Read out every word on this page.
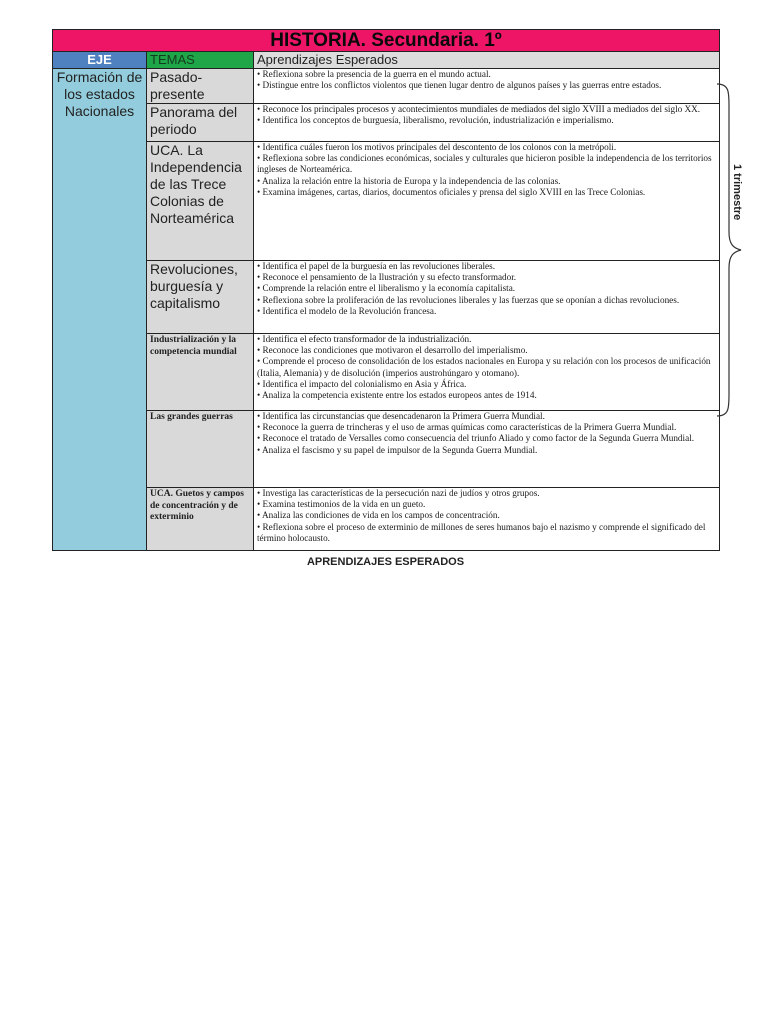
HISTORIA. Secundaria. 1º		
EJE	TEMAS	Aprendizajes Esperados
Formación de los estados Nacionales	Pasado-presente	• Reflexiona sobre la presencia de la guerra en el mundo actual.
• Distingue entre los conflictos violentos que tienen lugar dentro de algunos países y las guerras entre estados.

	Panorama del periodo	• Reconoce los principales procesos y acontecimientos mundiales de mediados del siglo XVIII a mediados del siglo XX.
• Identifica los conceptos de burguesía, liberalismo, revolución, industrialización e imperialismo.

	UCA. La Independencia de las Trece Colonias de Norteamérica	• Identifica cuáles fueron los motivos principales del descontento de los colonos con la metrópoli.
• Reflexiona sobre las condiciones económicas, sociales y culturales que hicieron posible la independencia de los territorios ingleses de Norteamérica.
• Analiza la relación entre la historia de Europa y la independencia de las colonias.
• Examina imágenes, cartas, diarios, documentos oficiales y prensa del siglo XVIII en las Trece Colonias.

	Revoluciones, burguesía y capitalismo	• Identifica el papel de la burguesía en las revoluciones liberales.
• Reconoce el pensamiento de la Ilustración y su efecto transformador.
• Comprende la relación entre el liberalismo y la economía capitalista.
• Reflexiona sobre la proliferación de las revoluciones liberales y las fuerzas que se oponían a dichas revoluciones.
• Identifica el modelo de la Revolución francesa.

	Industrialización y la competencia mundial	• Identifica el efecto transformador de la industrialización.
• Reconoce las condiciones que motivaron el desarrollo del imperialismo.
• Comprende el proceso de consolidación de los estados nacionales en Europa y su relación con los procesos de unificación (Italia, Alemania) y de disolución (imperios austrohúngaro y otomano).
• Identifica el impacto del colonialismo en Asia y África.
• Analiza la competencia existente entre los estados europeos antes de 1914.

	Las grandes guerras	• Identifica las circunstancias que desencadenaron la Primera Guerra Mundial.
• Reconoce la guerra de trincheras y el uso de armas químicas como características de la Primera Guerra Mundial.
• Reconoce el tratado de Versalles como consecuencia del triunfo Aliado y como factor de la Segunda Guerra Mundial.
• Analiza el fascismo y su papel de impulsor de la Segunda Guerra Mundial.

	UCA. Guetos y campos de concentración y de exterminio	• Investiga las características de la persecución nazi de judíos y otros grupos.
• Examina testimonios de la vida en un gueto.
• Analiza las condiciones de vida en los campos de concentración.
• Reflexiona sobre el proceso de exterminio de millones de seres humanos bajo el nazismo y comprende el significado del término holocausto.
APRENDIZAJES ESPERADOS
1 trimestre
